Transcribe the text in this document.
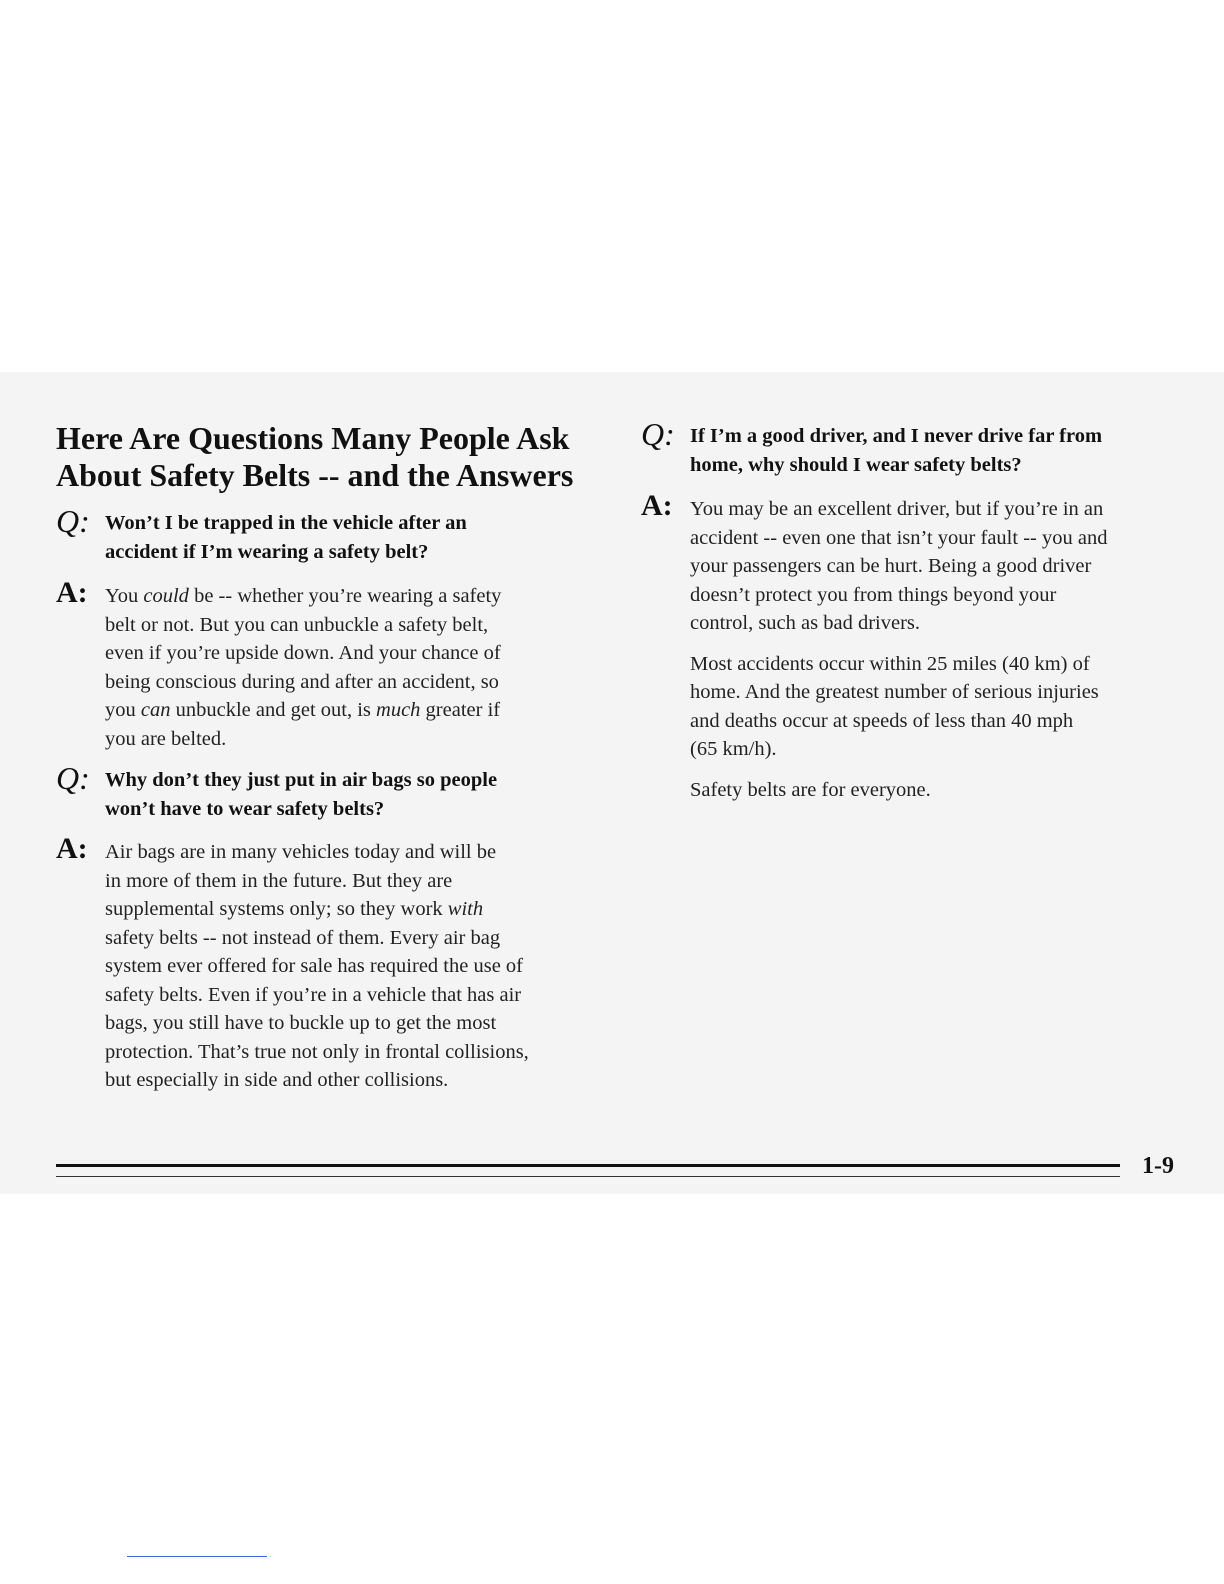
Here Are Questions Many People Ask
About Safety Belts -- and the Answers
Q: Won’t I be trapped in the vehicle after an
accident if I’m wearing a safety belt?

A: You could be -- whether you’re wearing a safety
belt or not. But you can unbuckle a safety belt,
even if you’re upside down. And your chance of
being conscious during and after an accident, so
you can unbuckle and get out, is much greater if
you are belted.

Q: Why don’t they just put in air bags so people
won’t have to wear safety belts?

A: Air bags are in many vehicles today and will be
in more of them in the future. But they are
supplemental systems only; so they work with
safety belts -- not instead of them. Every air bag
system ever offered for sale has required the use of
safety belts. Even if you’re in a vehicle that has air
bags, you still have to buckle up to get the most
protection. That’s true not only in frontal collisions,
but especially in side and other collisions.

Q: If I’m a good driver, and I never drive far from
home, why should I wear safety belts?

A: You may be an excellent driver, but if you’re in an
accident -- even one that isn’t your fault -- you and
your passengers can be hurt. Being a good driver
doesn’t protect you from things beyond your
control, such as bad drivers.

Most accidents occur within 25 miles (40 km) of
home. And the greatest number of serious injuries
and deaths occur at speeds of less than 40 mph
(65 km/h).

Safety belts are for everyone.

1-9
